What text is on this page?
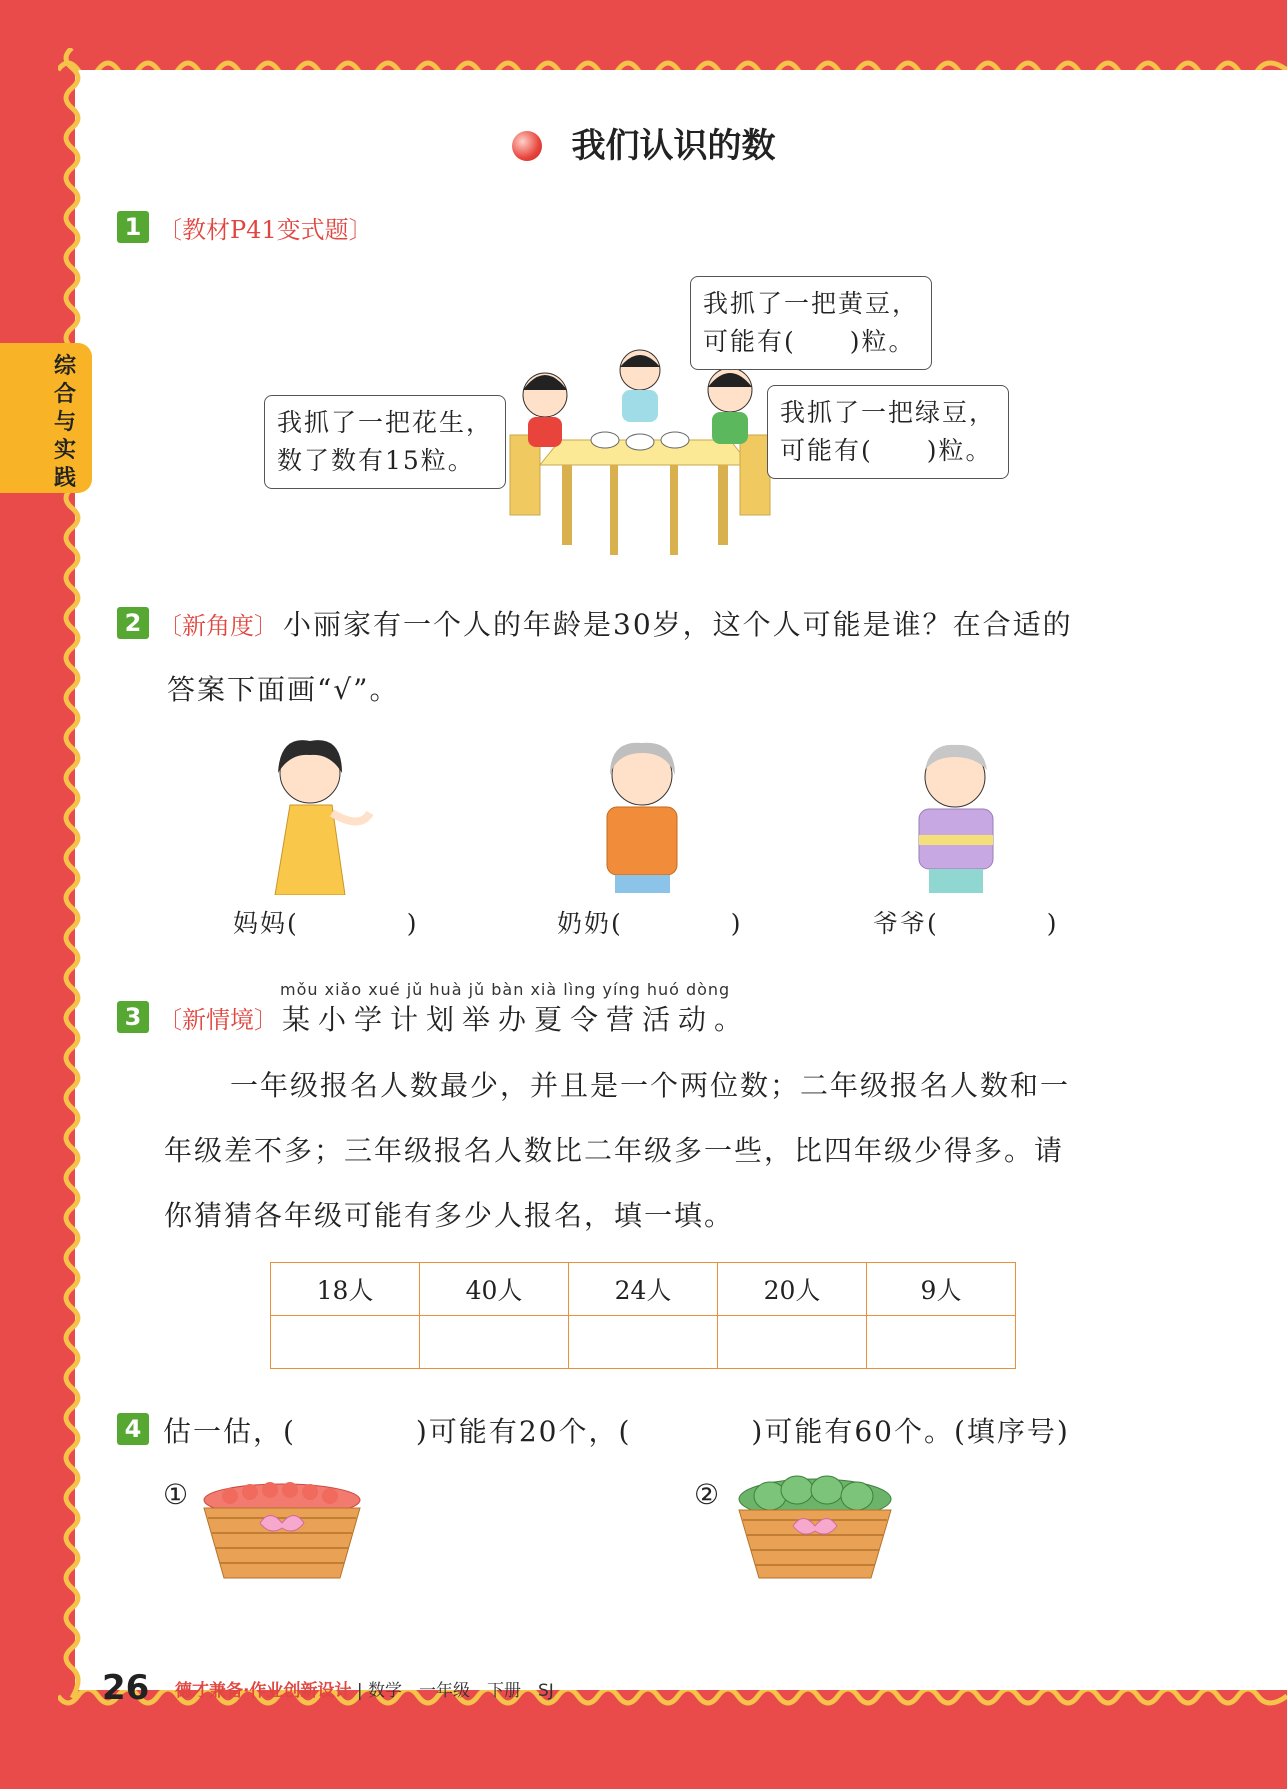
综合与实践
我们认识的数
1 〔教材P41变式题〕
我抓了一把花生，
数了数有15粒。
我抓了一把黄豆，
可能有(　　)粒。
我抓了一把绿豆，
可能有(　　)粒。
2 〔新角度〕 小丽家有一个人的年龄是30岁，这个人可能是谁？在合适的
答案下面画“√”。
妈妈(　　　　)	奶奶(　　　　)	爷爷(　　　　)
mǒu xiǎo xué jǔ huà jǔ bàn xià lìng yíng huó dòng
3 〔新情境〕 某小学计划举办夏令营活动。
一年级报名人数最少，并且是一个两位数；二年级报名人数和一
年级差不多；三年级报名人数比二年级多一些，比四年级少得多。请
你猜猜各年级可能有多少人报名，填一填。
18人	40人	24人	20人	9人

4 估一估，(　　　　)可能有20个，(　　　　)可能有60个。(填序号)
①	②
26 德才兼备·作业创新设计 | 数学　一年级　下册　SJ
